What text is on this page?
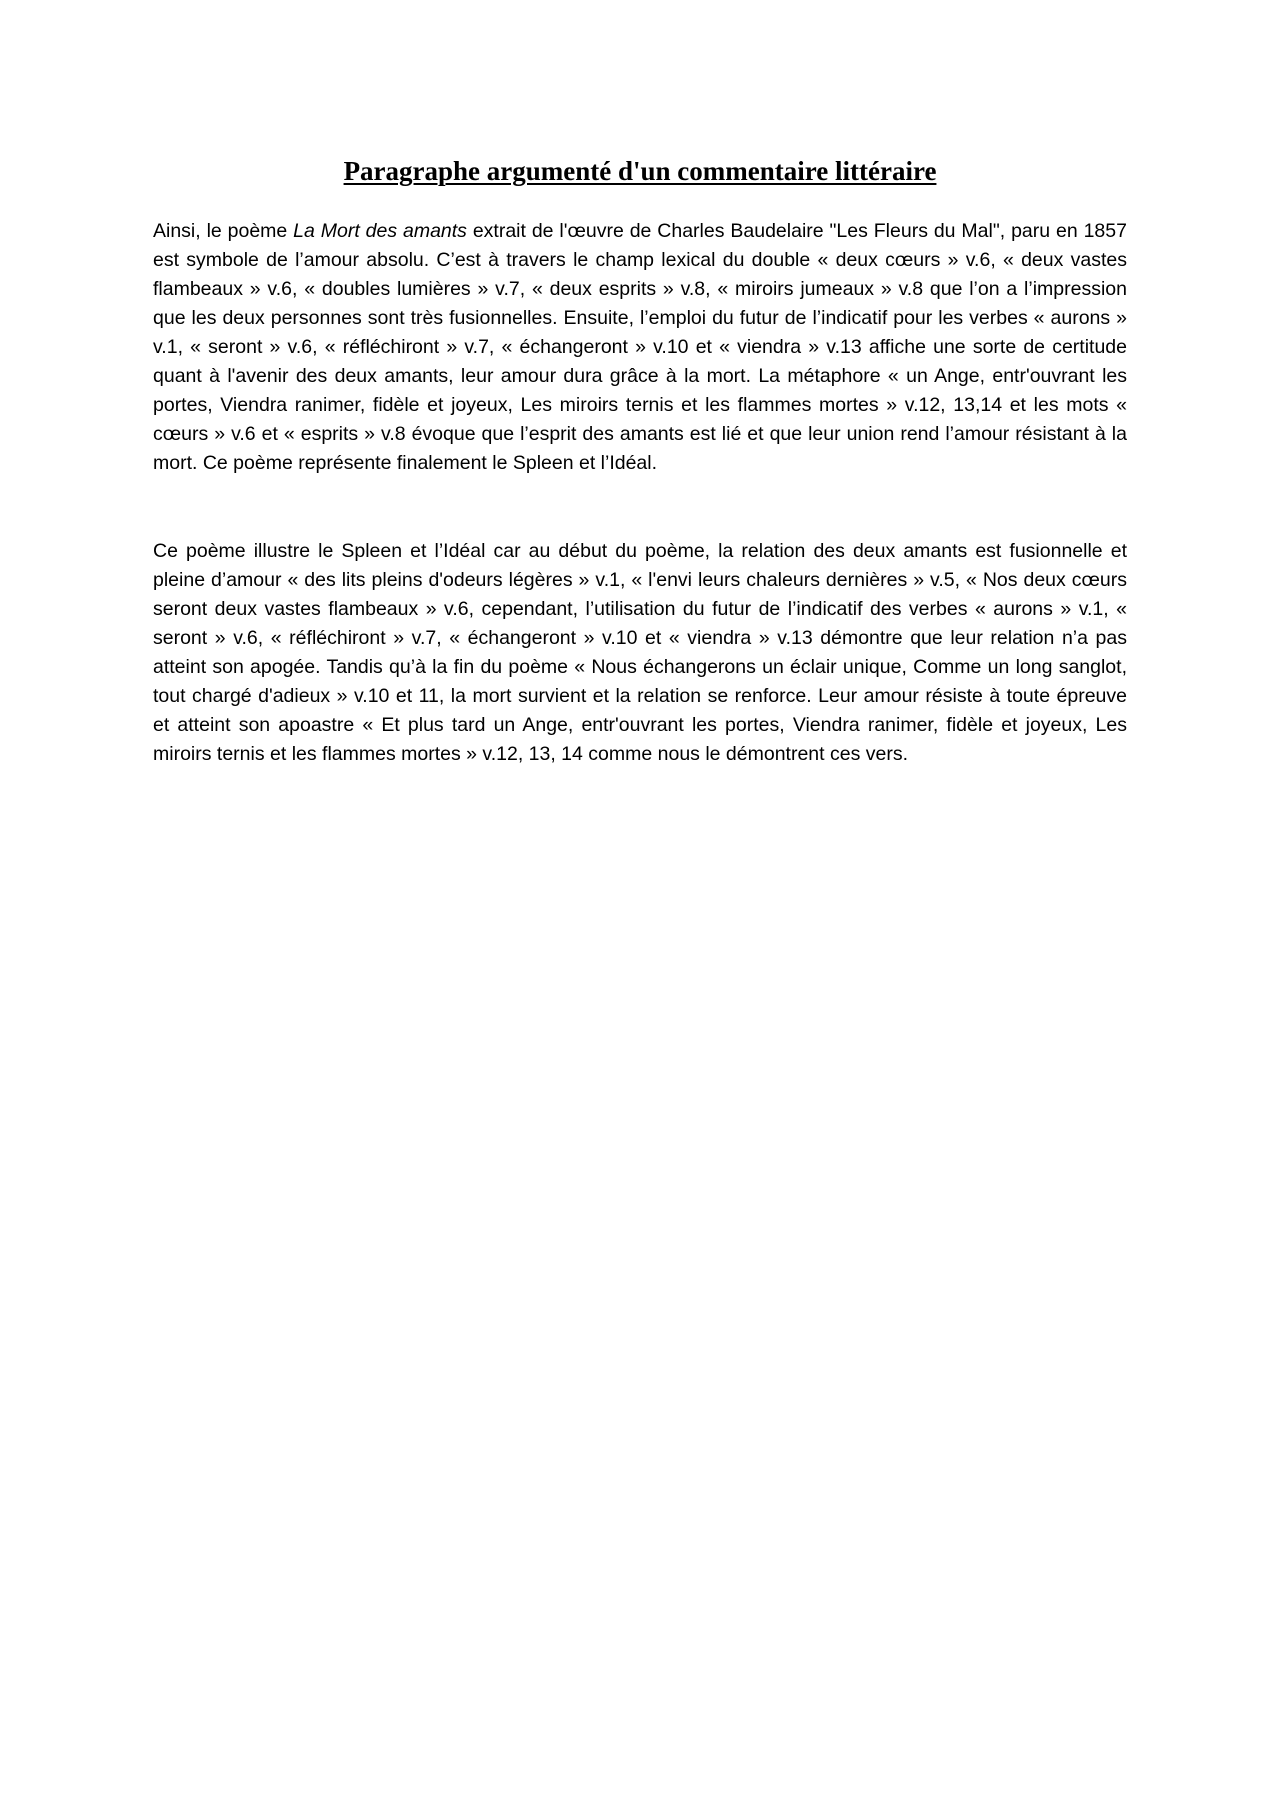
Paragraphe argumenté d'un commentaire littéraire

Ainsi, le poème La Mort des amants extrait de l'œuvre de Charles Baudelaire "Les Fleurs du Mal", paru en 1857 est symbole de l’amour absolu. C’est à travers le champ lexical du double « deux cœurs » v.6, « deux vastes flambeaux » v.6, « doubles lumières » v.7, « deux esprits » v.8, « miroirs jumeaux » v.8 que l’on a l’impression que les deux personnes sont très fusionnelles. Ensuite, l’emploi du futur de l’indicatif pour les verbes « aurons » v.1, « seront » v.6, « réfléchiront » v.7, « échangeront » v.10 et « viendra » v.13 affiche une sorte de certitude quant à l'avenir des deux amants, leur amour dura grâce à la mort. La métaphore « un Ange, entr'ouvrant les portes, Viendra ranimer, fidèle et joyeux, Les miroirs ternis et les flammes mortes » v.12, 13,14 et les mots « cœurs » v.6 et « esprits » v.8 évoque que l’esprit des amants est lié et que leur union rend l’amour résistant à la mort. Ce poème représente finalement le Spleen et l’Idéal.

Ce poème illustre le Spleen et l’Idéal car au début du poème, la relation des deux amants est fusionnelle et pleine d’amour « des lits pleins d'odeurs légères » v.1, « l'envi leurs chaleurs dernières » v.5, « Nos deux cœurs seront deux vastes flambeaux » v.6, cependant, l’utilisation du futur de l’indicatif des verbes « aurons » v.1, « seront » v.6, « réfléchiront » v.7, « échangeront » v.10 et « viendra » v.13 démontre que leur relation n’a pas atteint son apogée. Tandis qu’à la fin du poème « Nous échangerons un éclair unique, Comme un long sanglot, tout chargé d'adieux » v.10 et 11, la mort survient et la relation se renforce. Leur amour résiste à toute épreuve et atteint son apoastre « Et plus tard un Ange, entr'ouvrant les portes, Viendra ranimer, fidèle et joyeux, Les miroirs ternis et les flammes mortes » v.12, 13, 14 comme nous le démontrent ces vers.
